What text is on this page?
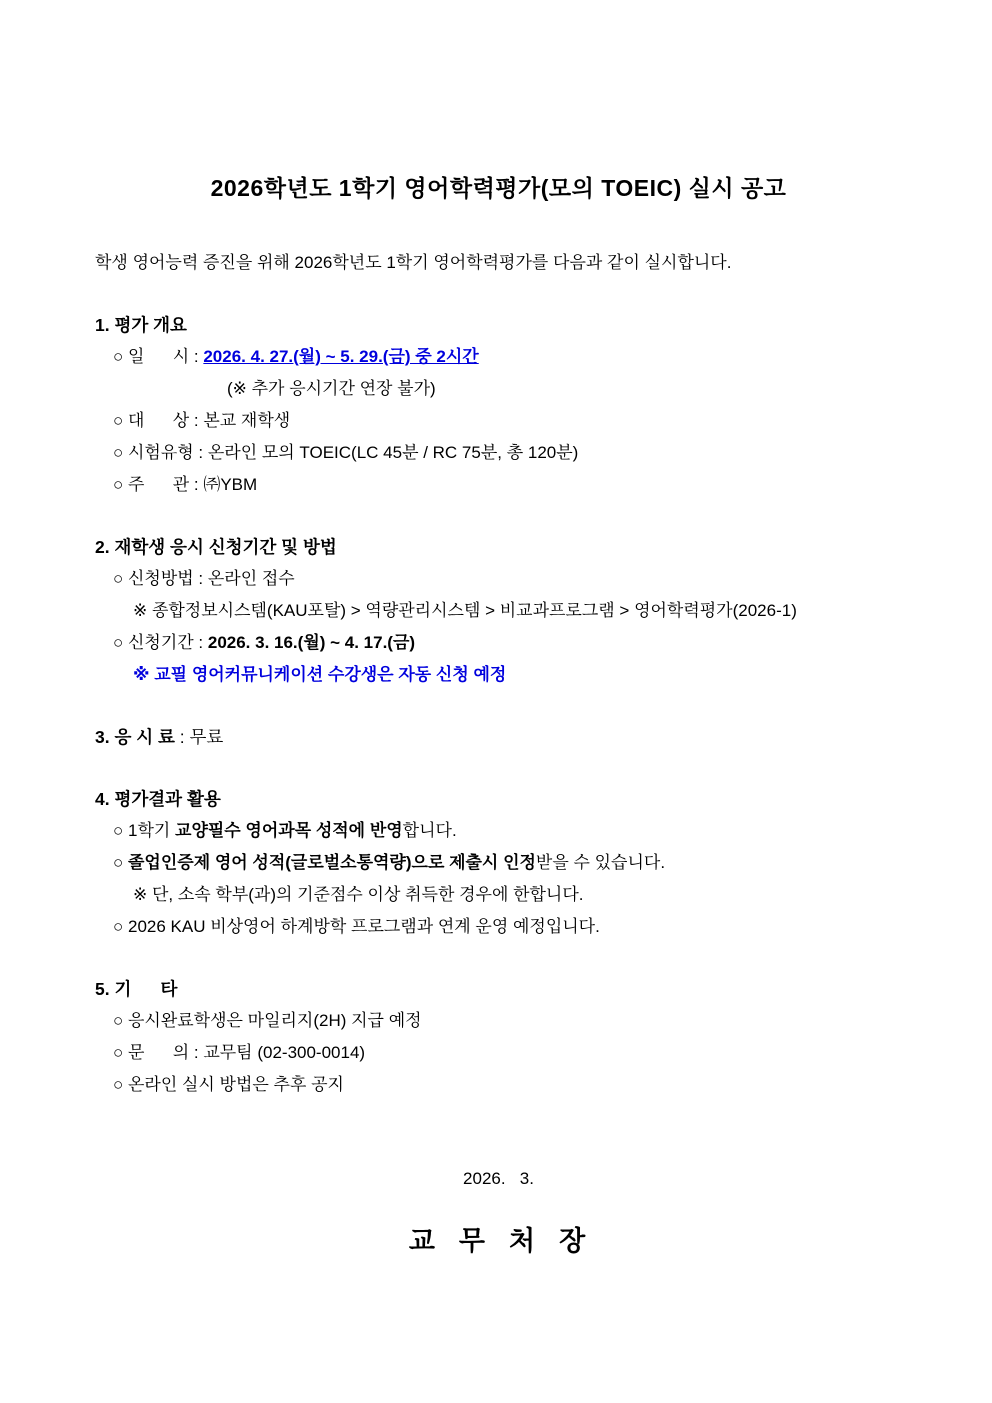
2026학년도 1학기 영어학력평가(모의 TOEIC) 실시 공고
학생 영어능력 증진을 위해 2026학년도 1학기 영어학력평가를 다음과 같이 실시합니다.
1. 평가 개요
○ 일      시 : 2026. 4. 27.(월) ~ 5. 29.(금) 중 2시간
(※ 추가 응시기간 연장 불가)
○ 대      상 : 본교 재학생
○ 시험유형 : 온라인 모의 TOEIC(LC 45분 / RC 75분, 총 120분)
○ 주      관 : ㈜YBM
2. 재학생 응시 신청기간 및 방법
○ 신청방법 : 온라인 접수
※ 종합정보시스템(KAU포탈) > 역량관리시스템 > 비교과프로그램 > 영어학력평가(2026-1)
○ 신청기간 : 2026. 3. 16.(월) ~ 4. 17.(금)
※ 교필 영어커뮤니케이션 수강생은 자동 신청 예정
3. 응 시 료 : 무료
4. 평가결과 활용
○ 1학기 교양필수 영어과목 성적에 반영합니다.
○ 졸업인증제 영어 성적(글로벌소통역량)으로 제출시 인정받을 수 있습니다.
※ 단, 소속 학부(과)의 기준점수 이상 취득한 경우에 한합니다.
○ 2026 KAU 비상영어 하계방학 프로그램과 연계 운영 예정입니다.
5. 기      타
○ 응시완료학생은 마일리지(2H) 지급 예정
○ 문      의 : 교무팀 (02-300-0014)
○ 온라인 실시 방법은 추후 공지
2026.   3.
교  무  처  장
